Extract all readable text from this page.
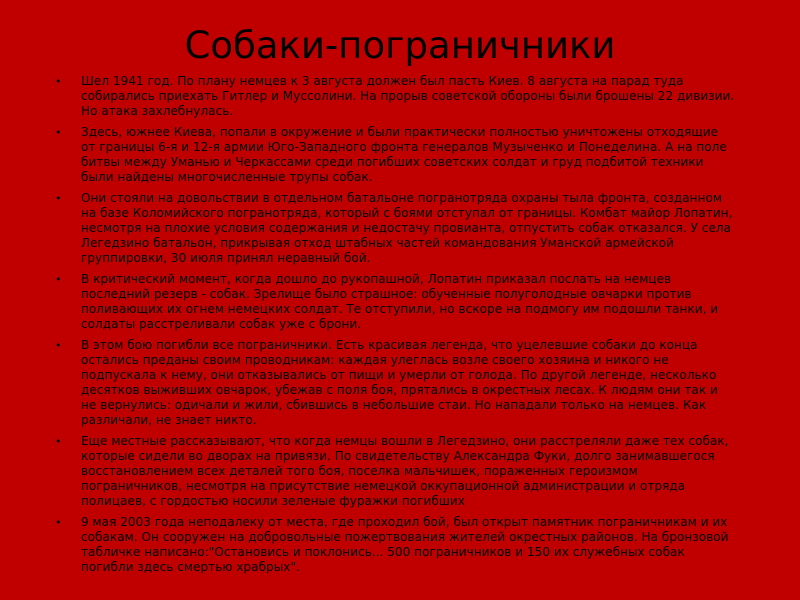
Собаки-пограничники
•	Шел 1941 год. По плану немцев к 3 августа должен был пасть Киев. 8 августа на парад туда собирались приехать Гитлер и Муссолини. На прорыв советской обороны были брошены 22 дивизии. Но атака захлебнулась.
•	Здесь, южнее Киева, попали в окружение и были практически полностью уничтожены отходящие от границы 6-я и 12-я армии Юго-Западного фронта генералов Музыченко и Понеделина. А на поле битвы между Уманью и Черкассами среди погибших советских солдат и груд подбитой техники были найдены многочисленные трупы собак.
•	Они стояли на довольствии в отдельном батальоне погранотряда охраны тыла фронта, созданном на базе Коломийского погранотряда, который с боями отступал от границы. Комбат майор Лопатин, несмотря на плохие условия содержания и недостачу провианта, отпустить собак отказался. У села Легедзино батальон, прикрывая отход штабных частей командования Уманской армейской группировки, 30 июля принял неравный бой.
•	В критический момент, когда дошло до рукопашной, Лопатин приказал послать на немцев последний резерв - собак. Зрелище было страшное: обученные полуголодные овчарки против поливающих их огнем немецких солдат. Те отступили, но вскоре на подмогу им подошли танки, и солдаты расстреливали собак уже с брони.
•	В этом бою погибли все пограничники. Есть красивая легенда, что уцелевшие собаки до конца остались преданы своим проводникам: каждая улеглась возле своего хозяина и никого не подпускала к нему, они отказывались от пищи и умерли от голода. По другой легенде, несколько десятков выживших овчарок, убежав с поля боя, прятались в окрестных лесах. К людям они так и не вернулись: одичали и жили, сбившись в небольшие стаи. Но нападали только на немцев. Как различали, не знает никто.
•	Еще местные рассказывают, что когда немцы вошли в Легедзино, они расстреляли даже тех собак, которые сидели во дворах на привязи. По свидетельству Александра Фуки, долго занимавшегося восстановлением всех деталей того боя, поселка мальчишек, пораженных героизмом пограничников, несмотря на присутствие немецкой оккупационной администрации и отряда полицаев, с гордостью носили зеленые фуражки погибших
•	9 мая 2003 года неподалеку от места, где проходил бой, был открыт памятник пограничникам и их собакам. Он сооружен на добровольные пожертвования жителей окрестных районов. На бронзовой табличке написано:"Остановись и поклонись... 500 пограничников и 150 их служебных собак погибли здесь смертью храбрых".
